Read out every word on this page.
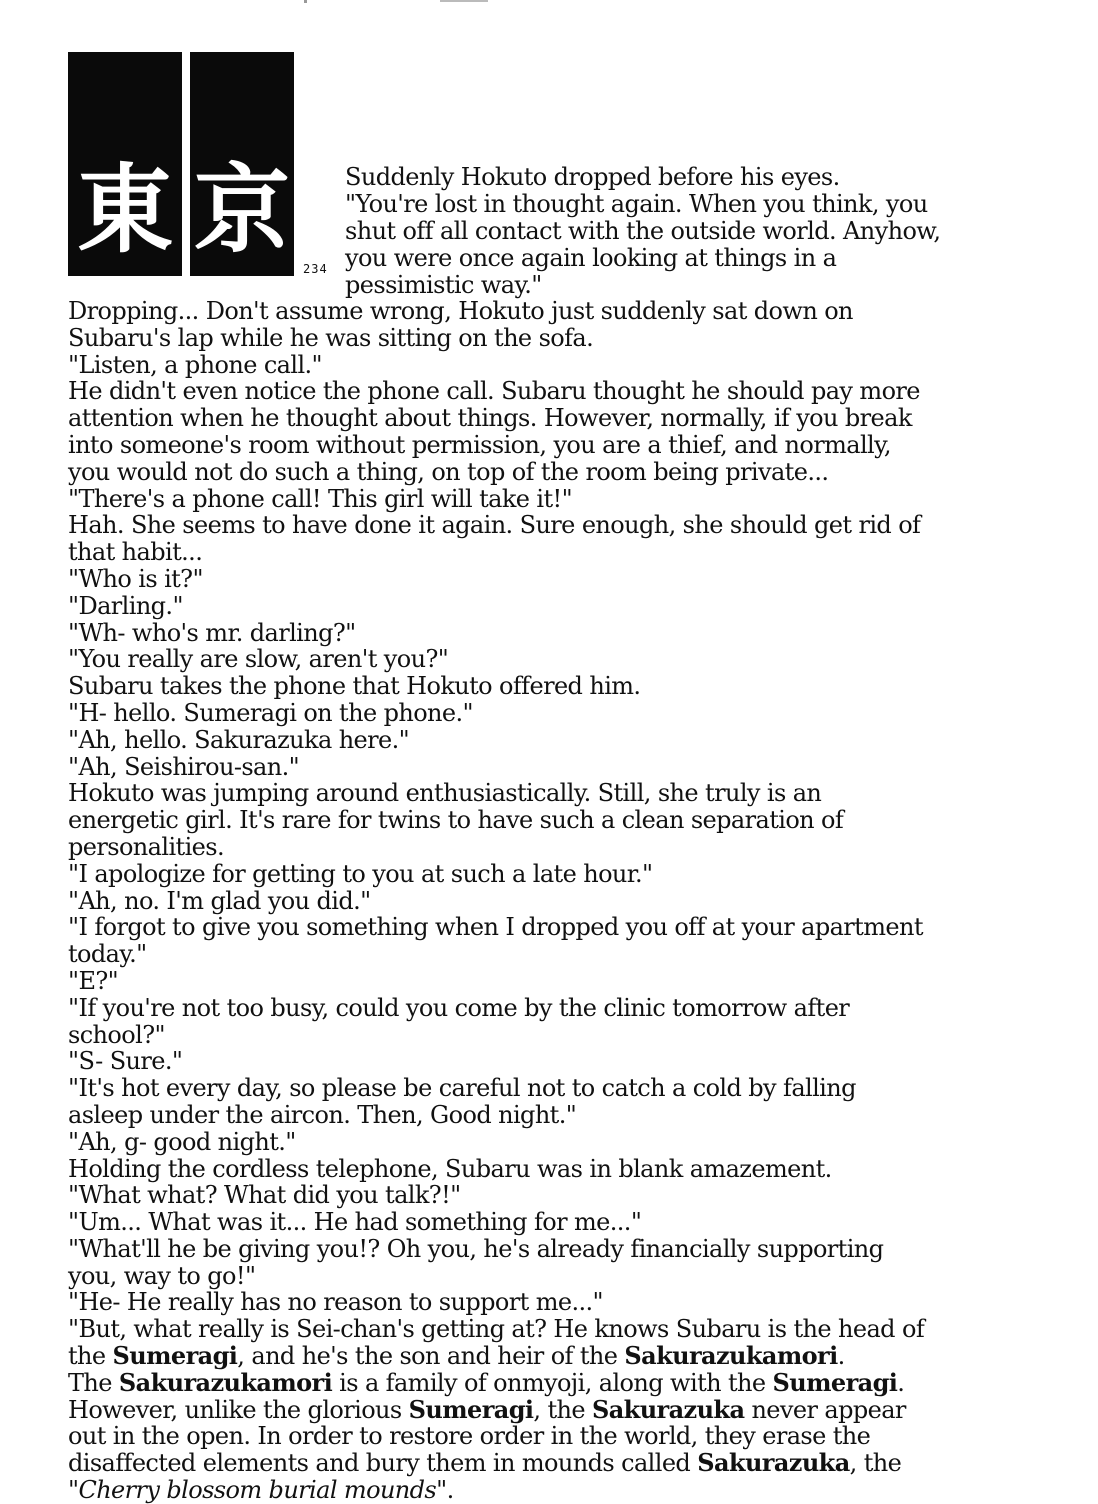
東 京
234
Suddenly Hokuto dropped before his eyes.
"You're lost in thought again. When you think, you
shut off all contact with the outside world. Anyhow,
you were once again looking at things in a
pessimistic way."
Dropping... Don't assume wrong, Hokuto just suddenly sat down on
Subaru's lap while he was sitting on the sofa.
"Listen, a phone call."
He didn't even notice the phone call. Subaru thought he should pay more
attention when he thought about things. However, normally, if you break
into someone's room without permission, you are a thief, and normally,
you would not do such a thing, on top of the room being private...
"There's a phone call! This girl will take it!"
Hah. She seems to have done it again. Sure enough, she should get rid of
that habit...
"Who is it?"
"Darling."
"Wh- who's mr. darling?"
"You really are slow, aren't you?"
Subaru takes the phone that Hokuto offered him.
"H- hello. Sumeragi on the phone."
"Ah, hello. Sakurazuka here."
"Ah, Seishirou-san."
Hokuto was jumping around enthusiastically. Still, she truly is an
energetic girl. It's rare for twins to have such a clean separation of
personalities.
"I apologize for getting to you at such a late hour."
"Ah, no. I'm glad you did."
"I forgot to give you something when I dropped you off at your apartment
today."
"E?"
"If you're not too busy, could you come by the clinic tomorrow after
school?"
"S- Sure."
"It's hot every day, so please be careful not to catch a cold by falling
asleep under the aircon. Then, Good night."
"Ah, g- good night."
Holding the cordless telephone, Subaru was in blank amazement.
"What what? What did you talk?!"
"Um... What was it... He had something for me..."
"What'll he be giving you!? Oh you, he's already financially supporting
you, way to go!"
"He- He really has no reason to support me..."
"But, what really is Sei-chan's getting at? He knows Subaru is the head of
the Sumeragi, and he's the son and heir of the Sakurazukamori.
The Sakurazukamori is a family of onmyoji, along with the Sumeragi.
However, unlike the glorious Sumeragi, the Sakurazuka never appear
out in the open. In order to restore order in the world, they erase the
disaffected elements and bury them in mounds called Sakurazuka, the
"Cherry blossom burial mounds".
